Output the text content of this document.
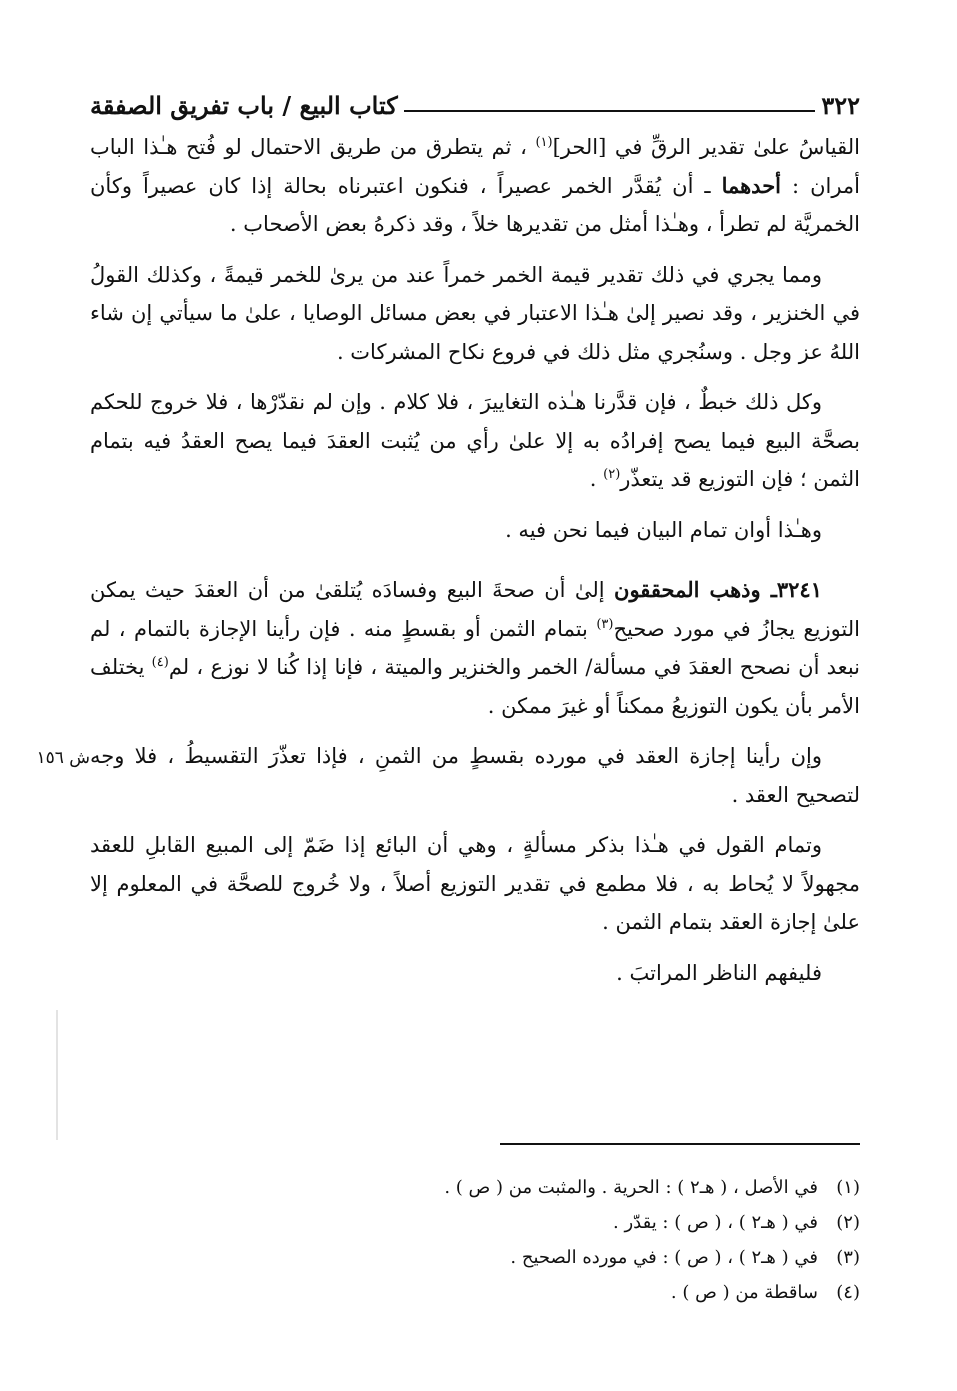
٣٢٢
كتاب البيع / باب تفريق الصفقة

القياسُ علىٰ تقدير الرقِّ في [الحر]$^{(١)}$ ، ثم يتطرق من طريق الاحتمال لو فُتح هـٰذا الباب أمران : أحدهما ـ أن يُقدَّر الخمر عصيراً ، فنكون اعتبرناه بحالة إذا كان عصيراً وكأن الخمريَّة لم تطرأ ، وهـٰذا أمثل من تقديرها خلاً ، وقد ذكرهُ بعض الأصحاب .

ومما يجري في ذلك تقدير قيمة الخمر خمراً عند من يرىٰ للخمر قيمةً ، وكذلك القولُ في الخنزير ، وقد نصير إلىٰ هـٰذا الاعتبار في بعض مسائل الوصايا ، علىٰ ما سيأتي إن شاء اللهُ عز وجل . وسنُجري مثل ذلك في فروع نكاح المشركات .

وكل ذلك خبطٌ ، فإن قدَّرنا هـٰذه التغاييرَ ، فلا كلام . وإن لم نقدّرْها ، فلا خروج للحكم بصحَّة البيع فيما يصح إفرادُه به إلا علىٰ رأي من يُثبت العقدَ فيما يصح العقدُ فيه بتمام الثمن ؛ فإن التوزيع قد يتعذّر$^{(٢)}$ .

وهـٰذا أوان تمام البيان فيما نحن فيه .

٣٢٤١ـ وذهب المحققون إلىٰ أن صحةَ البيع وفسادَه يُتلقىٰ من أن العقدَ حيث يمكن التوزيع يجازُ في مورد صحيح$^{(٣)}$ بتمام الثمن أو بقسطٍ منه . فإن رأينا الإجازة بالتمام ، لم نبعد أن نصحح العقدَ في مسألة/ الخمر والخنزير والميتة ، فإنا إذا كُنا لا نوزع ، لم$^{(٤)}$ يختلف الأمر بأن يكون التوزيعُ ممكناً أو غيرَ ممكن .

وإن رأينا إجازة العقد في مورده بقسطٍ من الثمنِ ، فإذا تعذّرَ التقسيطُ ، فلا وجه لتصحيح العقد .

وتمام القول في هـٰذا بذكر مسألةٍ ، وهي أن البائع إذا ضَمّ إلى المبيع القابلِ للعقد مجهولاً لا يُحاط به ، فلا مطمع في تقدير التوزيع أصلاً ، ولا خُروج للصحَّة في المعلوم إلا علىٰ إجازة العقد بتمام الثمن .

فليفهم الناظر المراتبَ .

ش ١٥٦
(١)
في الأصل ، ( هـ٢ ) : الحرية . والمثبت من ( ص ) .
(٢)
في ( هـ٢ ) ، ( ص ) : يقدّر .
(٣)
في ( هـ٢ ) ، ( ص ) : في مورده الصحيح .
(٤)
ساقطة من ( ص ) .
